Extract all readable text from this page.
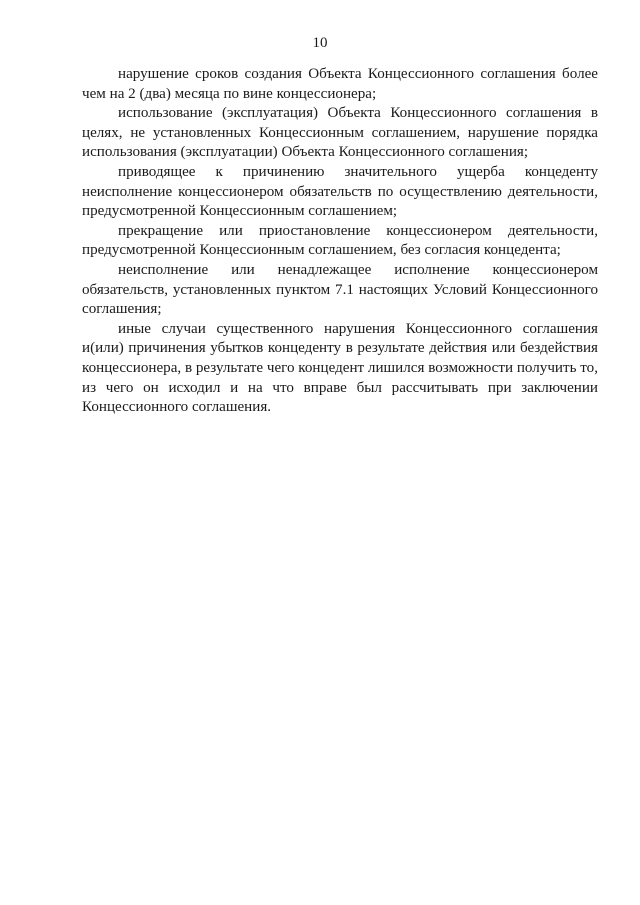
10

нарушение сроков создания Объекта Концессионного соглашения более чем на 2 (два) месяца по вине концессионера;

использование (эксплуатация) Объекта Концессионного соглашения в целях, не установленных Концессионным соглашением, нарушение порядка использования (эксплуатации) Объекта Концессионного соглашения;

приводящее к причинению значительного ущерба концеденту неисполнение концессионером обязательств по осуществлению деятельности, предусмотренной Концессионным соглашением;

прекращение или приостановление концессионером деятельности, предусмотренной Концессионным соглашением, без согласия концедента;

неисполнение или ненадлежащее исполнение концессионером обязательств, установленных пунктом 7.1 настоящих Условий Концессионного соглашения;

иные случаи существенного нарушения Концессионного соглашения и(или) причинения убытков концеденту в результате действия или бездействия концессионера, в результате чего концедент лишился возможности получить то, из чего он исходил и на что вправе был рассчитывать при заключении Концессионного соглашения.
